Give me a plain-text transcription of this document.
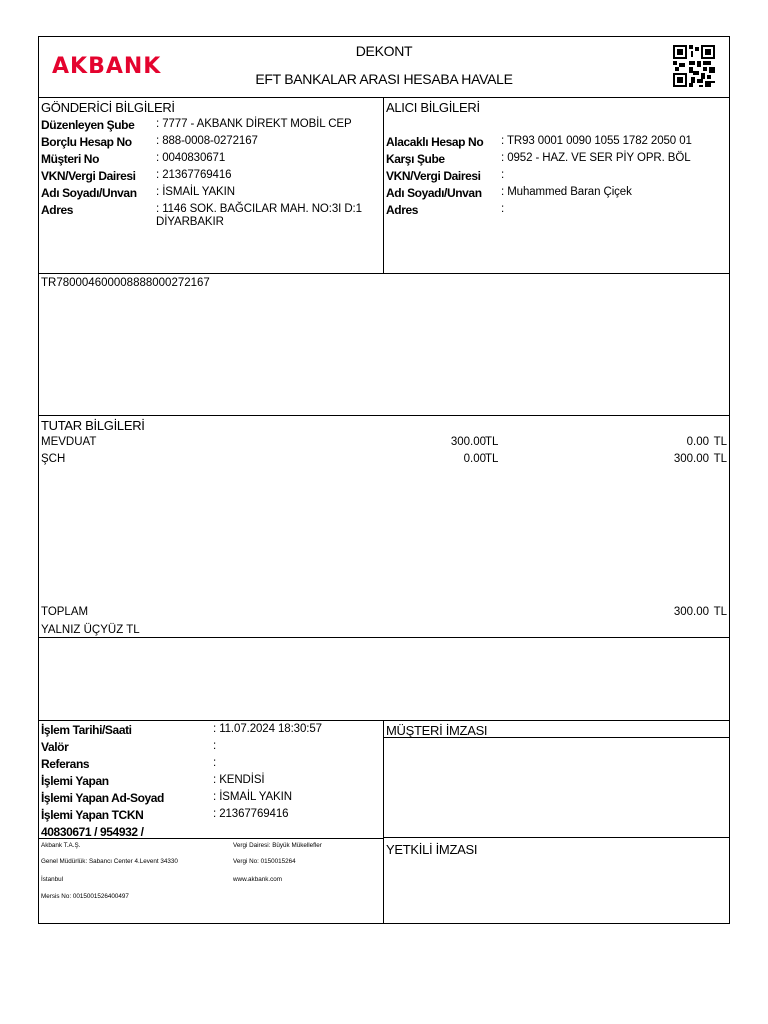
AKBANK
DEKONT
EFT BANKALAR ARASI HESABA HAVALE
GÖNDERİCİ BİLGİLERİ
Düzenleyen Şube : 7777 - AKBANK DİREKT MOBİL CEP
Borçlu Hesap No : 888-0008-0272167
Müşteri No	: 0040830671
VKN/Vergi Dairesi : 21367769416
Adı Soyadı/Unvan : İSMAİL YAKIN
Adres	: 1146 SOK. BAĞCILAR MAH. NO:3I D:1
DİYARBAKIR
ALICI BİLGİLERİ
Alacaklı Hesap No : TR93 0001 0090 1055 1782 2050 01
Karşı Şube	: 0952 - HAZ. VE SER PİY OPR. BÖL
VKN/Vergi Dairesi :
Adı Soyadı/Unvan : Muhammed Baran Çiçek
Adres	:
TR780004600008888000272167
TUTAR BİLGİLERİ
MEVDUAT	300.00 TL	0.00 TL
ŞCH	0.00 TL	300.00 TL
TOPLAM	300.00 TL
YALNIZ ÜÇYÜZ TL
İşlem Tarihi/Saati	: 11.07.2024 18:30:57
Valör	:
Referans	:
İşlemi Yapan	: KENDİSİ
İşlemi Yapan Ad-Soyad	: İSMAİL YAKIN
İşlemi Yapan TCKN	: 21367769416
40830671 / 954932 /
MÜŞTERİ İMZASI
YETKİLİ İMZASI
Akbank T.A.Ş.
Genel Müdürlük: Sabancı Center 4.Levent 34330
İstanbul
Mersis No: 0015001526400497
Vergi Dairesi: Büyük Mükellefler
Vergi No: 0150015264
www.akbank.com
